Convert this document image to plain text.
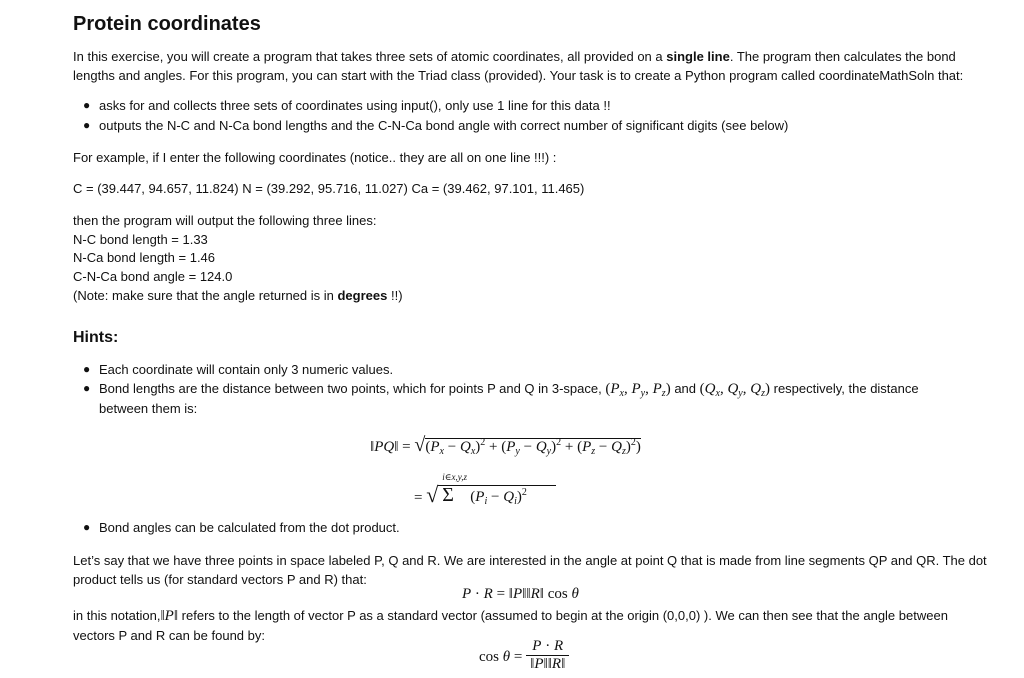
Protein coordinates
In this exercise, you will create a program that takes three sets of atomic coordinates, all provided on a single line. The program then calculates the bond
lengths and angles. For this program, you can start with the Triad class (provided). Your task is to create a Python program called coordinateMathSoln that:
● asks for and collects three sets of coordinates using input(), only use 1 line for this data !!
● outputs the N-C and N-Ca bond lengths and the C-N-Ca bond angle with correct number of significant digits (see below)
For example, if I enter the following coordinates (notice.. they are all on one line !!!) :
C = (39.447, 94.657, 11.824) N = (39.292, 95.716, 11.027) Ca = (39.462, 97.101, 11.465)
then the program will output the following three lines:
N-C bond length = 1.33
N-Ca bond length = 1.46
C-N-Ca bond angle = 124.0
(Note: make sure that the angle returned is in degrees !!)
Hints:
● Each coordinate will contain only 3 numeric values.
● Bond lengths are the distance between two points, which for points P and Q in 3-space, ($P_x$, $P_y$, $P_z$) and ($Q_x$, $Q_y$, $Q_z$) respectively, the distance
between them is:
‖PQ‖ = $√(P_x - Q_x)^2 + (P_y - Q_y)^2 + (P_z - Q_z)^2$)
= √
i∈x,y,z
Σ $(P_i - Q_i)^2$
● Bond angles can be calculated from the dot product.
Let’s say that we have three points in space labeled P, Q and R. We are interested in the angle at point Q that is made from line segments QP and QR. The dot
product tells us (for standard vectors P and R) that:
P · R = ‖P‖‖R‖ cos θ
in this notation,‖P‖ refers to the length of vector P as a standard vector (assumed to begin at the origin (0,0,0) ). We can then see that the angle between
vectors P and R can be found by:
$\cos \theta = \frac{P \cdot R}{‖P‖‖R‖}$
